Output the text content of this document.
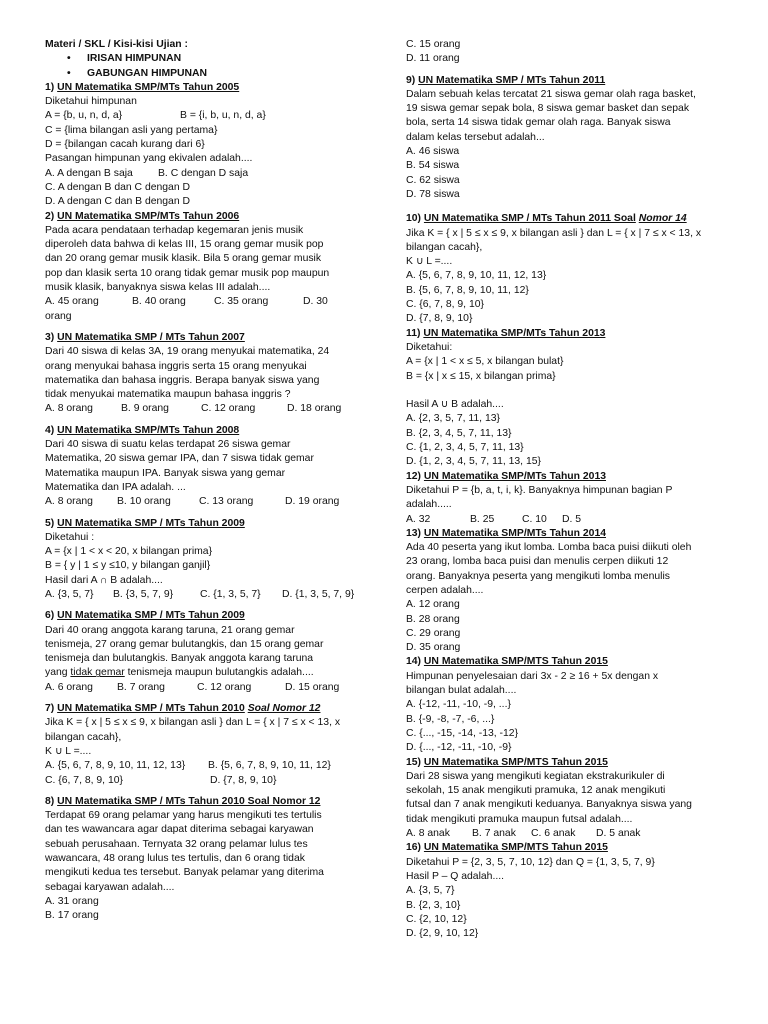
Materi / SKL / Kisi-kisi Ujian :
• IRISAN HIMPUNAN
• GABUNGAN HIMPUNAN
1) UN Matematika SMP/MTs Tahun 2005
Diketahui himpunan
A = {b, u, n, d, a}	B = {i, b, u, n, d, a}
C = {lima bilangan asli yang pertama}
D = {bilangan cacah kurang dari 6}
Pasangan himpunan yang ekivalen adalah....
A. A dengan B saja	B. C dengan D saja
C. A dengan B dan C dengan D
D. A dengan C dan B dengan D
2) UN Matematika SMP/MTs Tahun 2006
Pada acara pendataan terhadap kegemaran jenis musik
diperoleh data bahwa di kelas III, 15 orang gemar musik pop
dan 20 orang gemar musik klasik. Bila 5 orang gemar musik
pop dan klasik serta 10 orang tidak gemar musik pop maupun
musik klasik, banyaknya siswa kelas III adalah....
A. 45 orang	B. 40 orang	C. 35 orang	D. 30
orang
3) UN Matematika SMP / MTs Tahun 2007
Dari 40 siswa di kelas 3A, 19 orang menyukai matematika, 24
orang menyukai bahasa inggris serta 15 orang menyukai
matematika dan bahasa inggris. Berapa banyak siswa yang
tidak menyukai matematika maupun bahasa inggris ?
A. 8 orang	B. 9 orang	C. 12 orang	D. 18 orang
4) UN Matematika SMP/MTs Tahun 2008
Dari 40 siswa di suatu kelas terdapat 26 siswa gemar
Matematika, 20 siswa gemar IPA, dan 7 siswa tidak gemar
Matematika maupun IPA. Banyak siswa yang gemar
Matematika dan IPA adalah. ...
A. 8 orang	B. 10 orang	C. 13 orang	D. 19 orang
5) UN Matematika SMP / MTs Tahun 2009
Diketahui :
A = {x | 1 < x < 20, x bilangan prima}
B = { y | 1 ≤ y ≤10, y bilangan ganjil}
Hasil dari A ∩ B adalah....
A. {3, 5, 7}	B. {3, 5, 7, 9}	C. {1, 3, 5, 7}	D. {1, 3, 5, 7, 9}
6) UN Matematika SMP / MTs Tahun 2009
Dari 40 orang anggota karang taruna, 21 orang gemar
tenismeja, 27 orang gemar bulutangkis, dan 15 orang gemar
tenismeja dan bulutangkis. Banyak anggota karang taruna
yang tidak gemar tenismeja maupun bulutangkis adalah....
A. 6 orang	B. 7 orang	C. 12 orang	D. 15 orang
7) UN Matematika SMP / MTs Tahun 2010 Soal Nomor 12
Jika K = { x | 5 ≤ x ≤ 9, x bilangan asli } dan L = { x | 7 ≤ x < 13, x
bilangan cacah},
K ∪ L =....
A. {5, 6, 7, 8, 9, 10, 11, 12, 13}	B. {5, 6, 7, 8, 9, 10, 11, 12}
C. {6, 7, 8, 9, 10}	D. {7, 8, 9, 10}
8) UN Matematika SMP / MTs Tahun 2010 Soal Nomor 12
Terdapat 69 orang pelamar yang harus mengikuti tes tertulis
dan tes wawancara agar dapat diterima sebagai karyawan
sebuah perusahaan. Ternyata 32 orang pelamar lulus tes
wawancara, 48 orang lulus tes tertulis, dan 6 orang tidak
mengikuti kedua tes tersebut. Banyak pelamar yang diterima
sebagai karyawan adalah....
A. 31 orang
B. 17 orang
C. 15 orang
D. 11 orang
9) UN Matematika SMP / MTs Tahun 2011
Dalam sebuah kelas tercatat 21 siswa gemar olah raga basket,
19 siswa gemar sepak bola, 8 siswa gemar basket dan sepak
bola, serta 14 siswa tidak gemar olah raga. Banyak siswa
dalam kelas tersebut adalah...
A. 46 siswa
B. 54 siswa
C. 62 siswa
D. 78 siswa
10) UN Matematika SMP / MTs Tahun 2011 Soal Nomor 14
Jika K = { x | 5 ≤ x ≤ 9, x bilangan asli } dan L = { x | 7 ≤ x < 13, x
bilangan cacah},
K ∪ L =....
A. {5, 6, 7, 8, 9, 10, 11, 12, 13}
B. {5, 6, 7, 8, 9, 10, 11, 12}
C. {6, 7, 8, 9, 10}
D. {7, 8, 9, 10}
11) UN Matematika SMP/MTs Tahun 2013
Diketahui:
A = {x | 1 < x ≤ 5, x bilangan bulat}
B = {x | x ≤ 15, x bilangan prima}
Hasil A ∪ B adalah....
A. {2, 3, 5, 7, 11, 13}
B. {2, 3, 4, 5, 7, 11, 13}
C. {1, 2, 3, 4, 5, 7, 11, 13}
D. {1, 2, 3, 4, 5, 7, 11, 13, 15}
12) UN Matematika SMP/MTs Tahun 2013
Diketahui P = {b, a, t, i, k}. Banyaknya himpunan bagian P
adalah.....
A. 32	B. 25	C. 10	D. 5
13) UN Matematika SMP/MTs Tahun 2014
Ada 40 peserta yang ikut lomba. Lomba baca puisi diikuti oleh
23 orang, lomba baca puisi dan menulis cerpen diikuti 12
orang. Banyaknya peserta yang mengikuti lomba menulis
cerpen adalah....
A. 12 orang
B. 28 orang
C. 29 orang
D. 35 orang
14) UN Matematika SMP/MTS Tahun 2015
Himpunan penyelesaian dari 3x - 2 ≥ 16 + 5x dengan x
bilangan bulat adalah....
A. {-12, -11, -10, -9, ...}
B. {-9, -8, -7, -6, ...}
C. {..., -15, -14, -13, -12}
D. {..., -12, -11, -10, -9}
15) UN Matematika SMP/MTS Tahun 2015
Dari 28 siswa yang mengikuti kegiatan ekstrakurikuler di
sekolah, 15 anak mengikuti pramuka, 12 anak mengikuti
futsal dan 7 anak mengikuti keduanya. Banyaknya siswa yang
tidak mengikuti pramuka maupun futsal adalah....
A. 8 anak	B. 7 anak	C. 6 anak	D. 5 anak
16) UN Matematika SMP/MTS Tahun 2015
Diketahui P = {2, 3, 5, 7, 10, 12} dan Q = {1, 3, 5, 7, 9}
Hasil P – Q adalah....
A. {3, 5, 7}
B. {2, 3, 10}
C. {2, 10, 12}
D. {2, 9, 10, 12}
